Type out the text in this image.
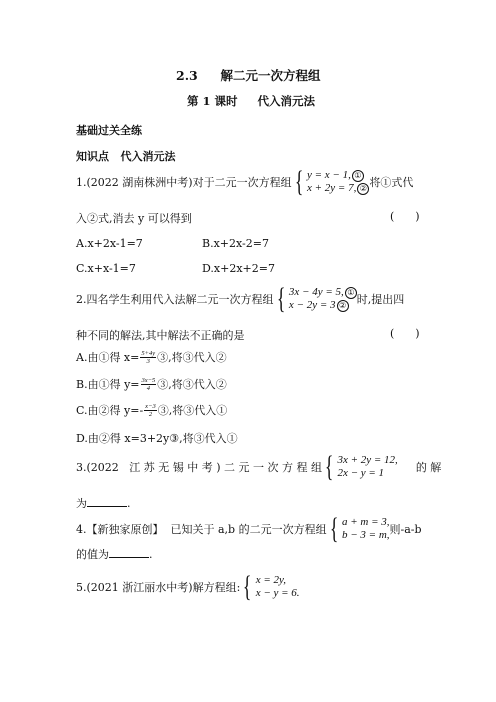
2.3 解二元一次方程组
第 1 课时 代入消元法
基础过关全练
知识点   代入消元法
1.(2022 湖南株洲中考)对于二元一次方程组 { y = x − 1, ①
x + 2y = 7, ② 将①式代
入②式,消去 y 可以得到	(      )
A.x+2x-1=7	B.x+2x-2=7
C.x+x-1=7	D.x+2x+2=7
2.四名学生利用代入法解二元一次方程组 { 3x − 4y = 5, ①
x − 2y = 3 ② 时,提出四
种不同的解法,其中解法不正确的是	(      )
A.由①得 $x= \frac{5+4y}{3}$ ③,将③代入②
B.由①得 $y= \frac{3x-5}{4}$ ③,将③代入②
C.由②得 $y=- \frac{x-3}{2}$ ③,将③代入①
D.由②得 x=3+2y③,将③代入①
3.(2022   江 苏 无 锡 中 考 ) 二 元 一 次 方 程 组 { 3x + 2y = 12,
2x − y = 1	的 解
为	.
4.【新独家原创】  已知关于 a,b 的二元一次方程组 { a + m = 3,
b − 3 = m, 则-a-b
的值为	.
5.(2021 浙江丽水中考)解方程组: { x = 2y,
x − y = 6.
